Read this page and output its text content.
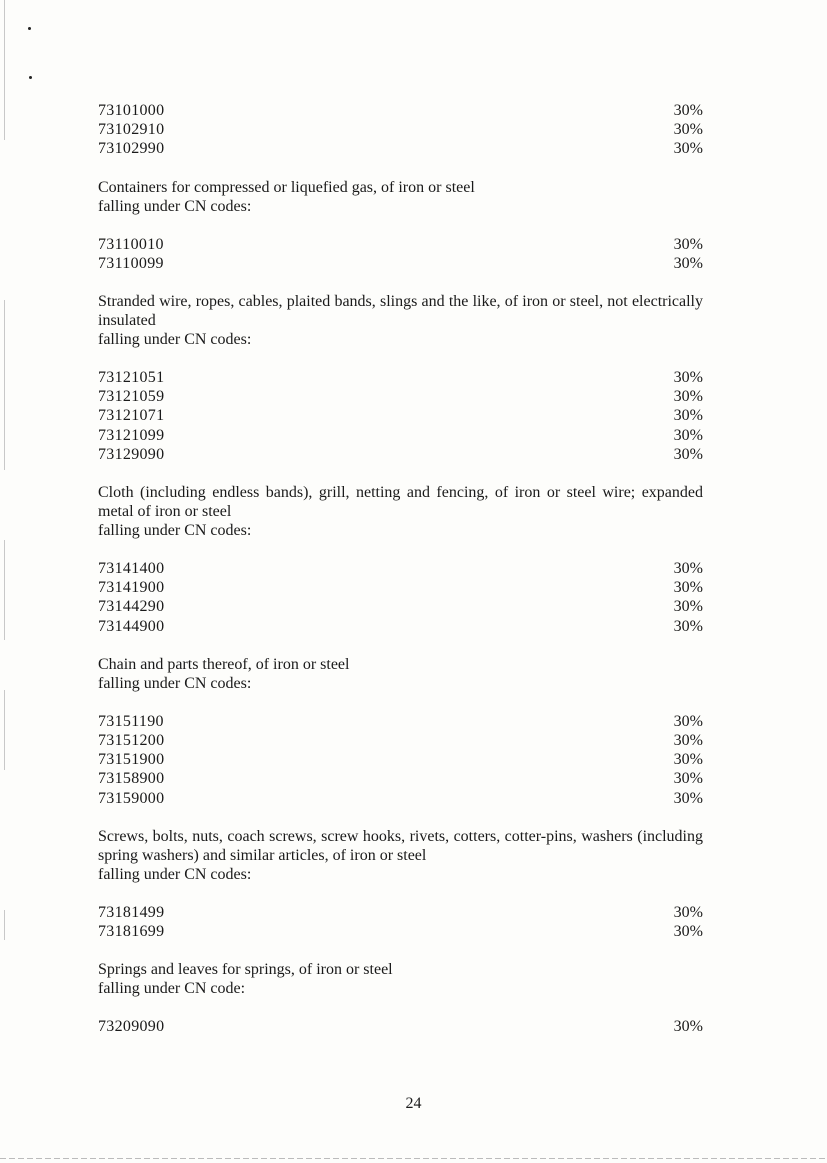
73101000	30%
73102910	30%
73102990	30%
Containers for compressed or liquefied gas, of iron or steel
falling under CN codes:
73110010	30%
73110099	30%
Stranded wire, ropes, cables, plaited bands, slings and the like, of iron or steel, not electrically insulated
falling under CN codes:
73121051	30%
73121059	30%
73121071	30%
73121099	30%
73129090	30%
Cloth (including endless bands), grill, netting and fencing, of iron or steel wire; expanded metal of iron or steel
falling under CN codes:
73141400	30%
73141900	30%
73144290	30%
73144900	30%
Chain and parts thereof, of iron or steel
falling under CN codes:
73151190	30%
73151200	30%
73151900	30%
73158900	30%
73159000	30%
Screws, bolts, nuts, coach screws, screw hooks, rivets, cotters, cotter-pins, washers (including spring washers) and similar articles, of iron or steel
falling under CN codes:
73181499	30%
73181699	30%
Springs and leaves for springs, of iron or steel
falling under CN code:
73209090	30%
24
